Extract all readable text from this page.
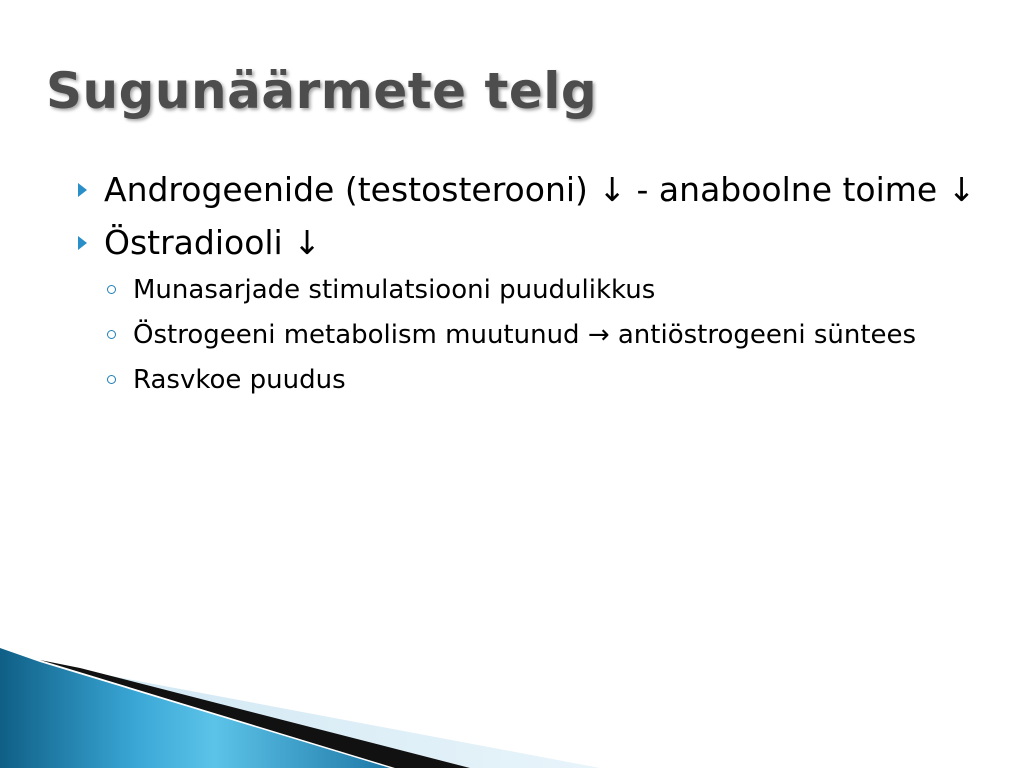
Sugunäärmete telg
Androgeenide (testosterooni) ↓ - anaboolne toime ↓
Östradiooli ↓
Munasarjade stimulatsiooni puudulikkus
Östrogeeni metabolism muutunud → antiöstrogeeni süntees
Rasvkoe puudus
